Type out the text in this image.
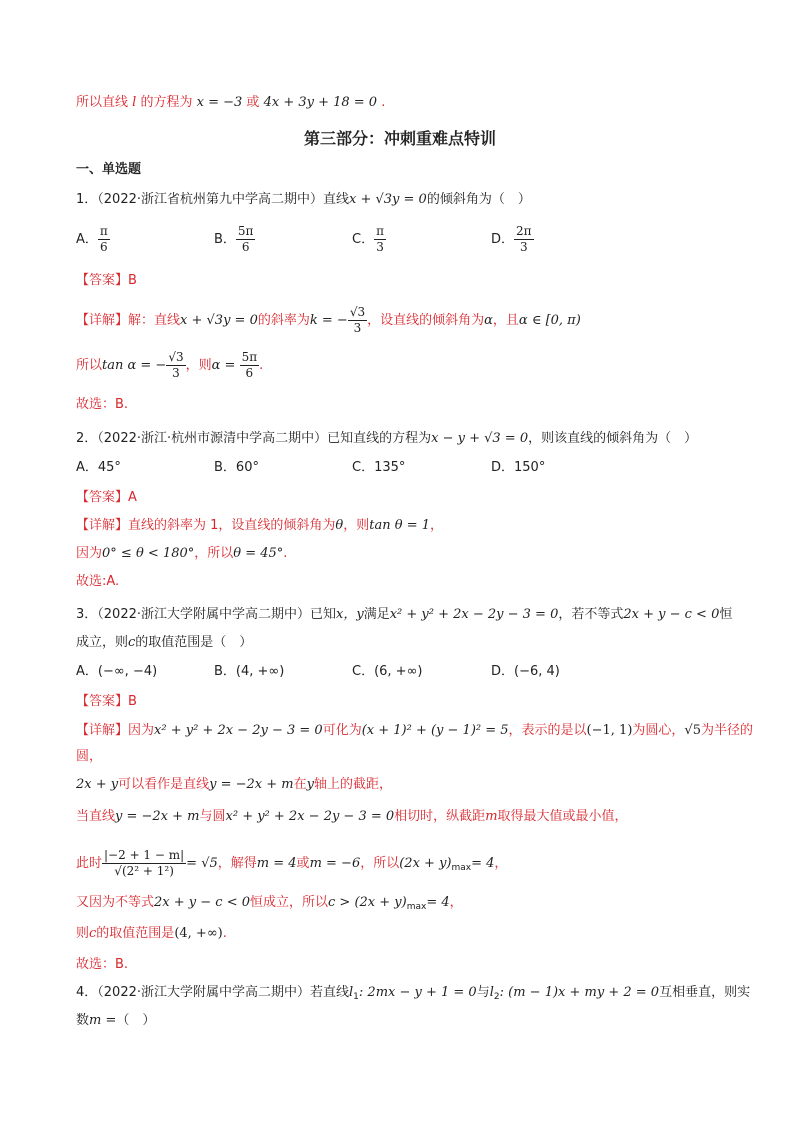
所以直线 l 的方程为 x = −3 或 4x + 3y + 18 = 0 .
第三部分：冲刺重难点特训
一、单选题
1．（2022·浙江省杭州第九中学高二期中）直线x + √3y = 0的倾斜角为（　）
A． $\frac{\pi}{6}$	B． $\frac{5\pi}{6}$	C． $\frac{\pi}{3}$	D． $\frac{2\pi}{3}$
【答案】B
【详解】解：直线x + √3y = 0的斜率为k = − $\frac{√3}{3}$ ，设直线的倾斜角为α，且α ∈ [0, π)
所以tan α = − $\frac{√3}{3}$ ，则$\alpha = \frac{5\pi}{6}$ .
故选：B.
2．（2022·浙江·杭州市源清中学高二期中）已知直线的方程为x − y + √3 = 0，则该直线的倾斜角为（　）
A．45°	B．60°	C．135°	D．150°
【答案】A
【详解】直线的斜率为 1，设直线的倾斜角为θ，则tan θ = 1，
因为0° ≤ θ < 180°，所以θ = 45°.
故选:A.
3．（2022·浙江大学附属中学高二期中）已知x，y满足x² + y² + 2x − 2y − 3 = 0，若不等式2x + y − c < 0恒
成立，则c的取值范围是（　）
A．(−∞, −4)	B．(4, +∞)	C．(6, +∞)	D．(−6, 4)
【答案】B
【详解】因为x² + y² + 2x − 2y − 3 = 0可化为(x + 1)² + (y − 1)² = 5，表示的是以(−1, 1)为圆心，√5为半径的
圆，
2x + y可以看作是直线y = −2x + m在y轴上的截距，
当直线y = −2x + m与圆x² + y² + 2x − 2y − 3 = 0相切时，纵截距m取得最大值或最小值，
此时 $\frac{|-2 + 1 - m|}{\text{√(2² + 1²)}} = √5$，解得m = 4或m = −6，所以$(2x + y)_{max}= 4$，
又因为不等式2x + y − c < 0恒成立，所以$c > (2x + y)_{max}= 4$，
则c的取值范围是(4, +∞).
故选：B.
4．（2022·浙江大学附属中学高二期中）若直线$l_1$: 2mx − y + 1 = 0与$l_2$: (m − 1)x + my + 2 = 0互相垂直，则实
数m =（　）
